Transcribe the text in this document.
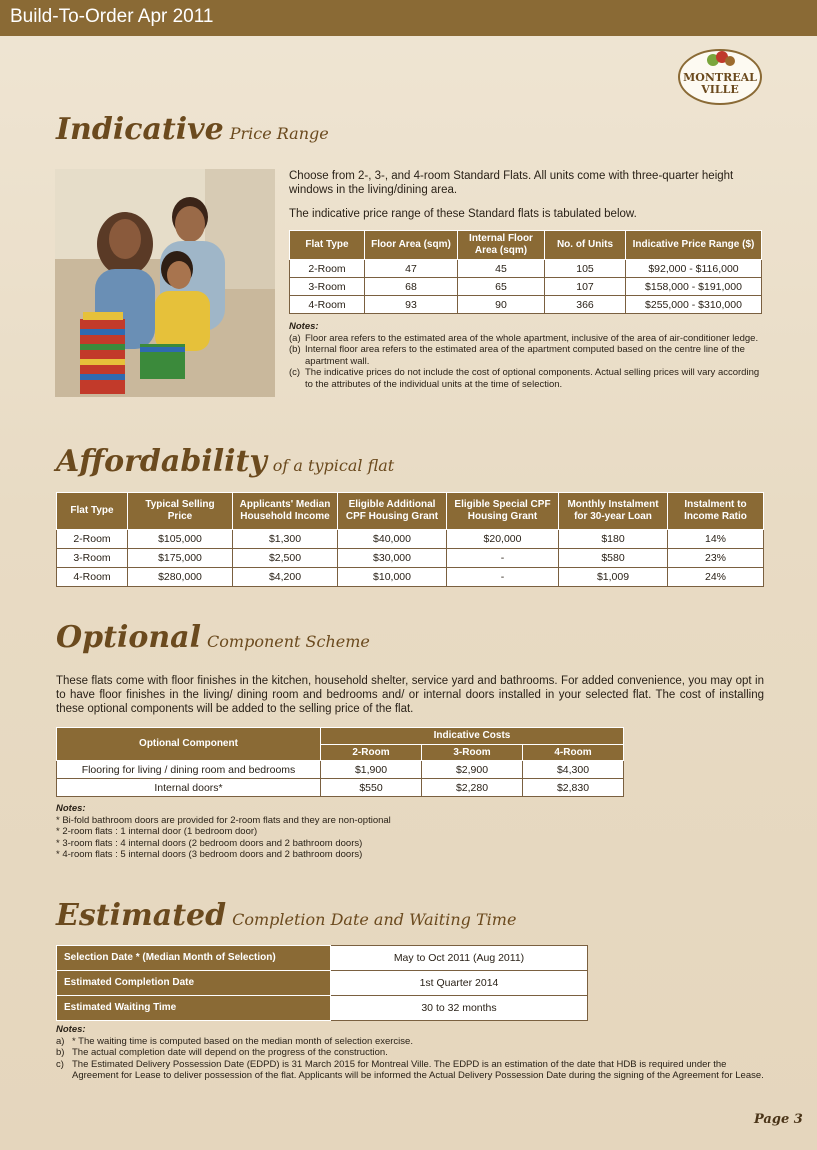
Build-To-Order Apr 2011
MONTREAL
VILLE
Indicative Price Range
Choose from 2-, 3-, and 4-room Standard Flats. All units come with three-quarter height windows in the living/dining area.
The indicative price range of these Standard flats is tabulated below.
Flat Type	Floor Area (sqm)	Internal Floor Area (sqm)	No. of Units	Indicative Price Range ($)
2-Room	47	45	105	$92,000 - $116,000
3-Room	68	65	107	$158,000 - $191,000
4-Room	93	90	366	$255,000 - $310,000
Notes:
(a) Floor area refers to the estimated area of the whole apartment, inclusive of the area of air-conditioner ledge.
(b) Internal floor area refers to the estimated area of the apartment computed based on the centre line of the apartment wall.
(c) The indicative prices do not include the cost of optional components. Actual selling prices will vary according to the attributes of the individual units at the time of selection.
Affordability of a typical flat
Flat Type	Typical Selling Price	Applicants' Median Household Income	Eligible Additional CPF Housing Grant	Eligible Special CPF Housing Grant	Monthly Instalment for 30-year Loan	Instalment to Income Ratio
2-Room	$105,000	$1,300	$40,000	$20,000	$180	14%
3-Room	$175,000	$2,500	$30,000	-	$580	23%
4-Room	$280,000	$4,200	$10,000	-	$1,009	24%
Optional Component Scheme
These flats come with floor finishes in the kitchen, household shelter, service yard and bathrooms. For added convenience, you may opt in to have floor finishes in the living/ dining room and bedrooms and/ or internal doors installed in your selected flat. The cost of installing these optional components will be added to the selling price of the flat.
Optional Component	Indicative Costs		
	2-Room	3-Room	4-Room
Flooring for living / dining room and bedrooms	$1,900	$2,900	$4,300
Internal doors*	$550	$2,280	$2,830
Notes:
* Bi-fold bathroom doors are provided for 2-room flats and they are non-optional
* 2-room flats : 1 internal door (1 bedroom door)
* 3-room flats : 4 internal doors (2 bedroom doors and 2 bathroom doors)
* 4-room flats : 5 internal doors (3 bedroom doors and 2 bathroom doors)
Estimated Completion Date and Waiting Time
Selection Date * (Median Month of Selection)	May to Oct 2011 (Aug 2011)
Estimated Completion Date	1st Quarter 2014
Estimated Waiting Time	30 to 32 months
Notes:
a) * The waiting time is computed based on the median month of selection exercise.
b) The actual completion date will depend on the progress of the construction.
c) The Estimated Delivery Possession Date (EDPD) is 31 March 2015 for Montreal Ville. The EDPD is an estimation of the date that HDB is required under the Agreement for Lease to deliver possession of the flat. Applicants will be informed the Actual Delivery Possession Date during the signing of the Agreement for Lease.
Page 3
